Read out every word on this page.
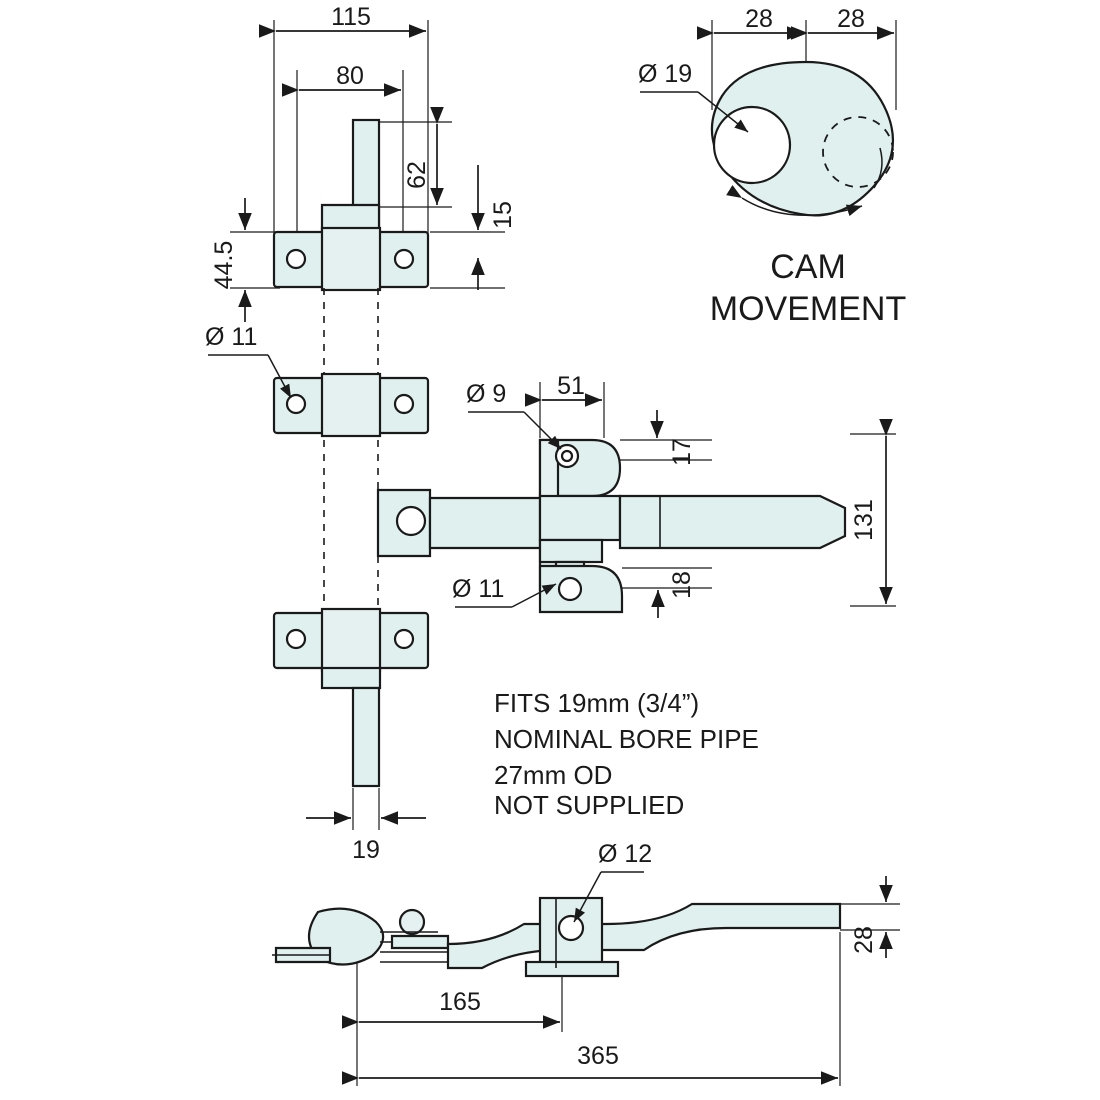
115
80
62
15
44.5
Ø 11
19
Ø 9 51
17
131
Ø 11	18
28	28
Ø 19
CAM
MOVEMENT
FITS 19mm (3/4”)
NOMINAL BORE PIPE
27mm OD
NOT SUPPLIED
Ø 12
28
165
365
